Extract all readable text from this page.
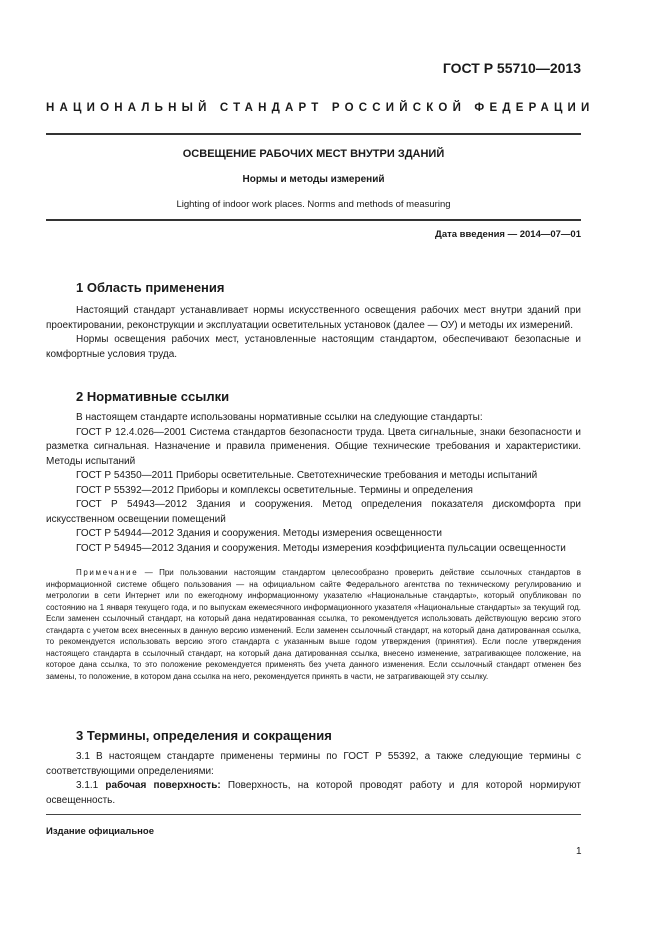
ГОСТ Р 55710—2013
НАЦИОНАЛЬНЫЙ СТАНДАРТ РОССИЙСКОЙ ФЕДЕРАЦИИ
ОСВЕЩЕНИЕ РАБОЧИХ МЕСТ ВНУТРИ ЗДАНИЙ
Нормы и методы измерений
Lighting of indoor work places. Norms and methods of measuring
Дата введения — 2014—07—01
1 Область применения

Настоящий стандарт устанавливает нормы искусственного освещения рабочих мест внутри зданий при проектировании, реконструкции и эксплуатации осветительных установок (далее — ОУ) и методы их измерений.

Нормы освещения рабочих мест, установленные настоящим стандартом, обеспечивают безопасные и комфортные условия труда.

2 Нормативные ссылки

В настоящем стандарте использованы нормативные ссылки на следующие стандарты:

ГОСТ Р 12.4.026—2001 Система стандартов безопасности труда. Цвета сигнальные, знаки безопасности и разметка сигнальная. Назначение и правила применения. Общие технические требования и характеристики. Методы испытаний

ГОСТ Р 54350—2011 Приборы осветительные. Светотехнические требования и методы испытаний

ГОСТ Р 55392—2012 Приборы и комплексы осветительные. Термины и определения

ГОСТ Р 54943—2012 Здания и сооружения. Метод определения показателя дискомфорта при искусственном освещении помещений

ГОСТ Р 54944—2012 Здания и сооружения. Методы измерения освещенности

ГОСТ Р 54945—2012 Здания и сооружения. Методы измерения коэффициента пульсации освещенности

Примечание — При пользовании настоящим стандартом целесообразно проверить действие ссылочных стандартов в информационной системе общего пользования — на официальном сайте Федерального агентства по техническому регулированию и метрологии в сети Интернет или по ежегодному информационному указателю «Национальные стандарты», который опубликован по состоянию на 1 января текущего года, и по выпускам ежемесячного информационного указателя «Национальные стандарты» за текущий год. Если заменен ссылочный стандарт, на который дана недатированная ссылка, то рекомендуется использовать действующую версию этого стандарта с учетом всех внесенных в данную версию изменений. Если заменен ссылочный стандарт, на который дана датированная ссылка, то рекомендуется использовать версию этого стандарта с указанным выше годом утверждения (принятия). Если после утверждения настоящего стандарта в ссылочный стандарт, на который дана датированная ссылка, внесено изменение, затрагивающее положение, на которое дана ссылка, то это положение рекомендуется применять без учета данного изменения. Если ссылочный стандарт отменен без замены, то положение, в котором дана ссылка на него, рекомендуется принять в части, не затрагивающей эту ссылку.

3 Термины, определения и сокращения

3.1 В настоящем стандарте применены термины по ГОСТ Р 55392, а также следующие термины с соответствующими определениями:

3.1.1 рабочая поверхность: Поверхность, на которой проводят работу и для которой нормируют освещенность.

Издание официальное
1
